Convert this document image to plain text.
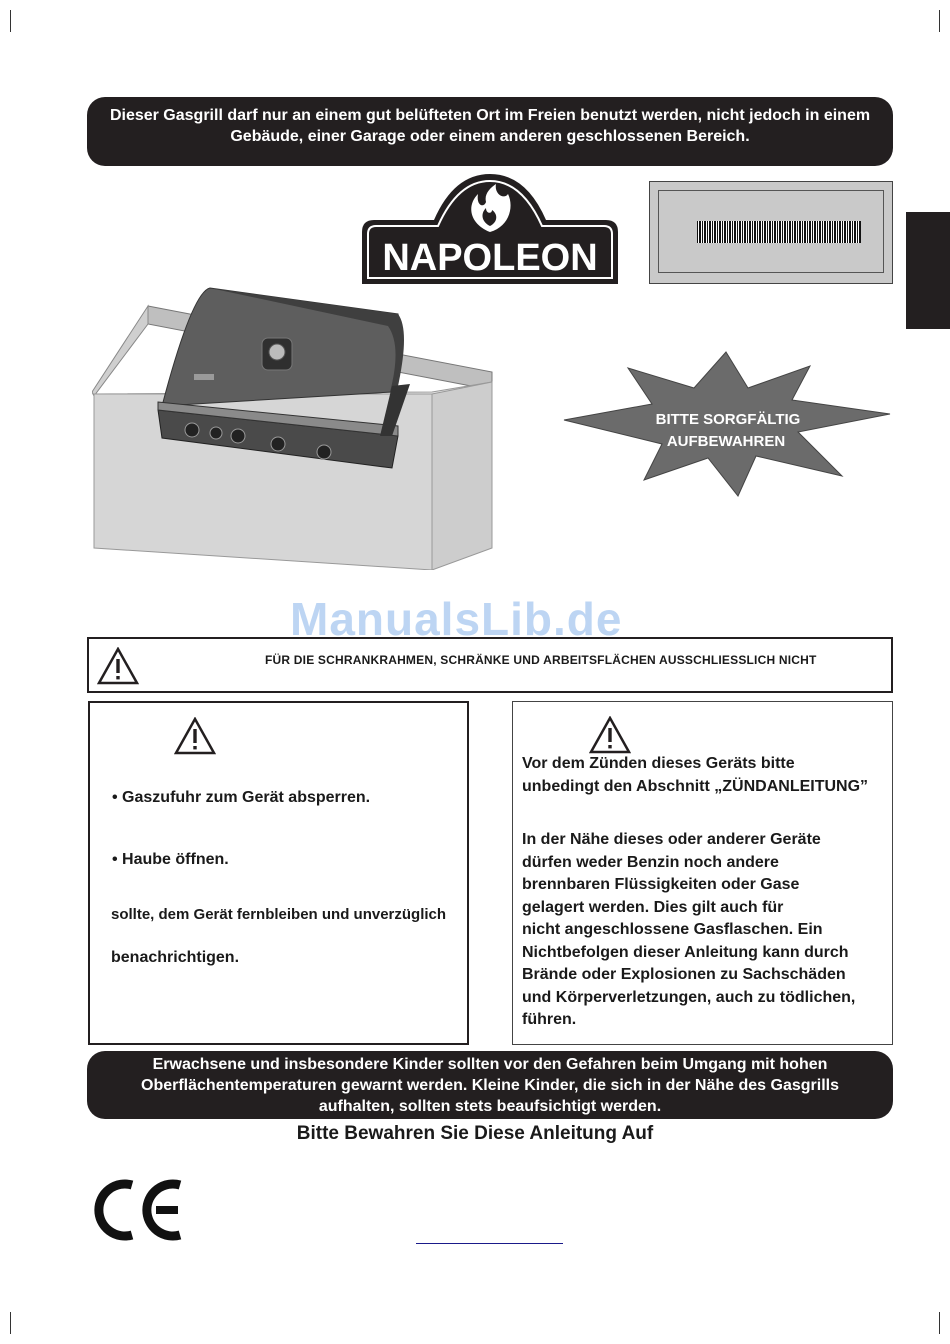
Dieser Gasgrill darf nur an einem gut belüfteten Ort im Freien benutzt werden, nicht jedoch in einem
Gebäude, einer Garage oder einem anderen geschlossenen Bereich.
NAPOLEON
BITTE SORGFÄLTIG
AUFBEWAHREN
ManualsLib.de
FÜR DIE SCHRANKRAHMEN, SCHRÄNKE UND ARBEITSFLÄCHEN AUSSCHLIESSLICH NICHT
• Gaszufuhr zum Gerät absperren.
• Haube öffnen.
sollte, dem Gerät fernbleiben und unverzüglich
benachrichtigen.
Vor dem Zünden dieses Geräts bitte
unbedingt den Abschnitt „ZÜNDANLEITUNG”
In der Nähe dieses oder anderer Geräte
dürfen weder Benzin noch andere
brennbaren Flüssigkeiten oder Gase
gelagert werden. Dies gilt auch für
nicht angeschlossene Gasflaschen. Ein
Nichtbefolgen dieser Anleitung kann durch
Brände oder Explosionen zu Sachschäden
und Körperverletzungen, auch zu tödlichen,
führen.
Erwachsene und insbesondere Kinder sollten vor den Gefahren beim Umgang mit hohen
Oberflächentemperaturen gewarnt werden. Kleine Kinder, die sich in der Nähe des Gasgrills
aufhalten, sollten stets beaufsichtigt werden.
Bitte Bewahren Sie Diese Anleitung Auf
